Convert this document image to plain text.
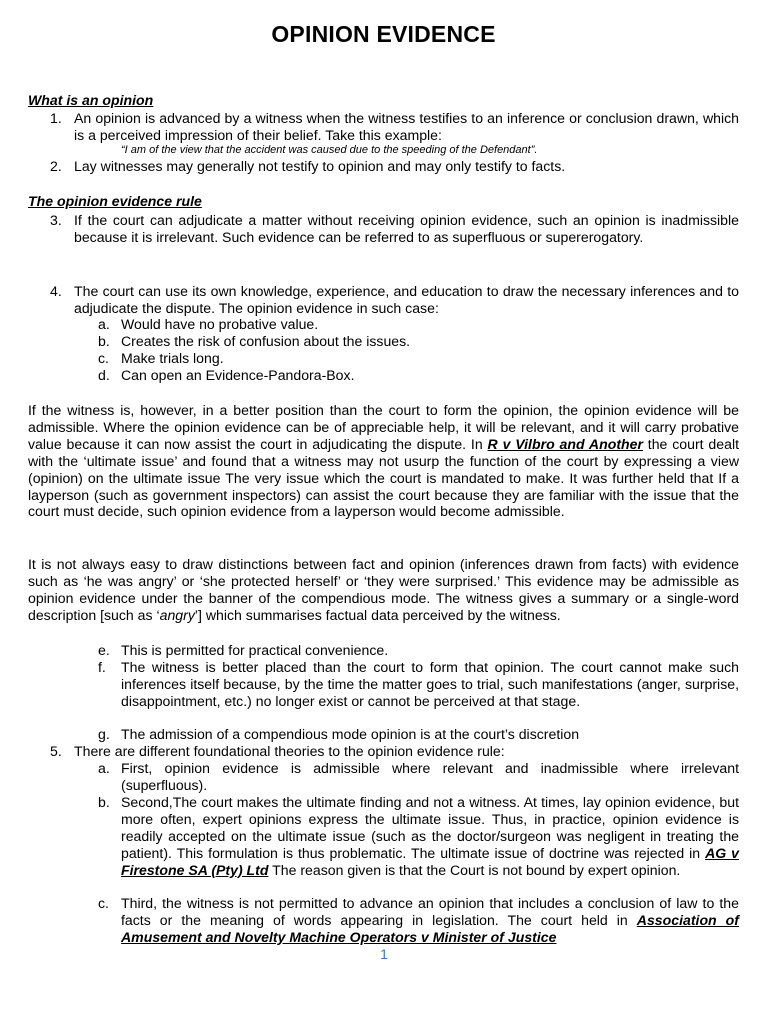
OPINION EVIDENCE
What is an opinion
1. An opinion is advanced by a witness when the witness testifies to an inference or conclusion drawn, which is a perceived impression of their belief. Take this example:
“I am of the view that the accident was caused due to the speeding of the Defendant”.
2. Lay witnesses may generally not testify to opinion and may only testify to facts.
The opinion evidence rule
3. If the court can adjudicate a matter without receiving opinion evidence, such an opinion is inadmissible because it is irrelevant. Such evidence can be referred to as superfluous or supererogatory.
4. The court can use its own knowledge, experience, and education to draw the necessary inferences and to adjudicate the dispute. The opinion evidence in such case:
a. Would have no probative value.
b. Creates the risk of confusion about the issues.
c. Make trials long.
d. Can open an Evidence-Pandora-Box.
If the witness is, however, in a better position than the court to form the opinion, the opinion evidence will be admissible. Where the opinion evidence can be of appreciable help, it will be relevant, and it will carry probative value because it can now assist the court in adjudicating the dispute. In R v Vilbro and Another the court dealt with the ‘ultimate issue’ and found that a witness may not usurp the function of the court by expressing a view (opinion) on the ultimate issue The very issue which the court is mandated to make. It was further held that If a layperson (such as government inspectors) can assist the court because they are familiar with the issue that the court must decide, such opinion evidence from a layperson would become admissible.
It is not always easy to draw distinctions between fact and opinion (inferences drawn from facts) with evidence such as ‘he was angry’ or ‘she protected herself’ or ‘they were surprised.’ This evidence may be admissible as opinion evidence under the banner of the compendious mode. The witness gives a summary or a single-word description [such as ‘angry’] which summarises factual data perceived by the witness.
e. This is permitted for practical convenience.
f. The witness is better placed than the court to form that opinion. The court cannot make such inferences itself because, by the time the matter goes to trial, such manifestations (anger, surprise, disappointment, etc.) no longer exist or cannot be perceived at that stage.
g. The admission of a compendious mode opinion is at the court’s discretion
5. There are different foundational theories to the opinion evidence rule:
a. First, opinion evidence is admissible where relevant and inadmissible where irrelevant (superfluous).
b. Second,The court makes the ultimate finding and not a witness. At times, lay opinion evidence, but more often, expert opinions express the ultimate issue. Thus, in practice, opinion evidence is readily accepted on the ultimate issue (such as the doctor/surgeon was negligent in treating the patient). This formulation is thus problematic. The ultimate issue of doctrine was rejected in AG v Firestone SA (Pty) Ltd The reason given is that the Court is not bound by expert opinion.
c. Third, the witness is not permitted to advance an opinion that includes a conclusion of law to the facts or the meaning of words appearing in legislation. The court held in Association of Amusement and Novelty Machine Operators v Minister of Justice
1
